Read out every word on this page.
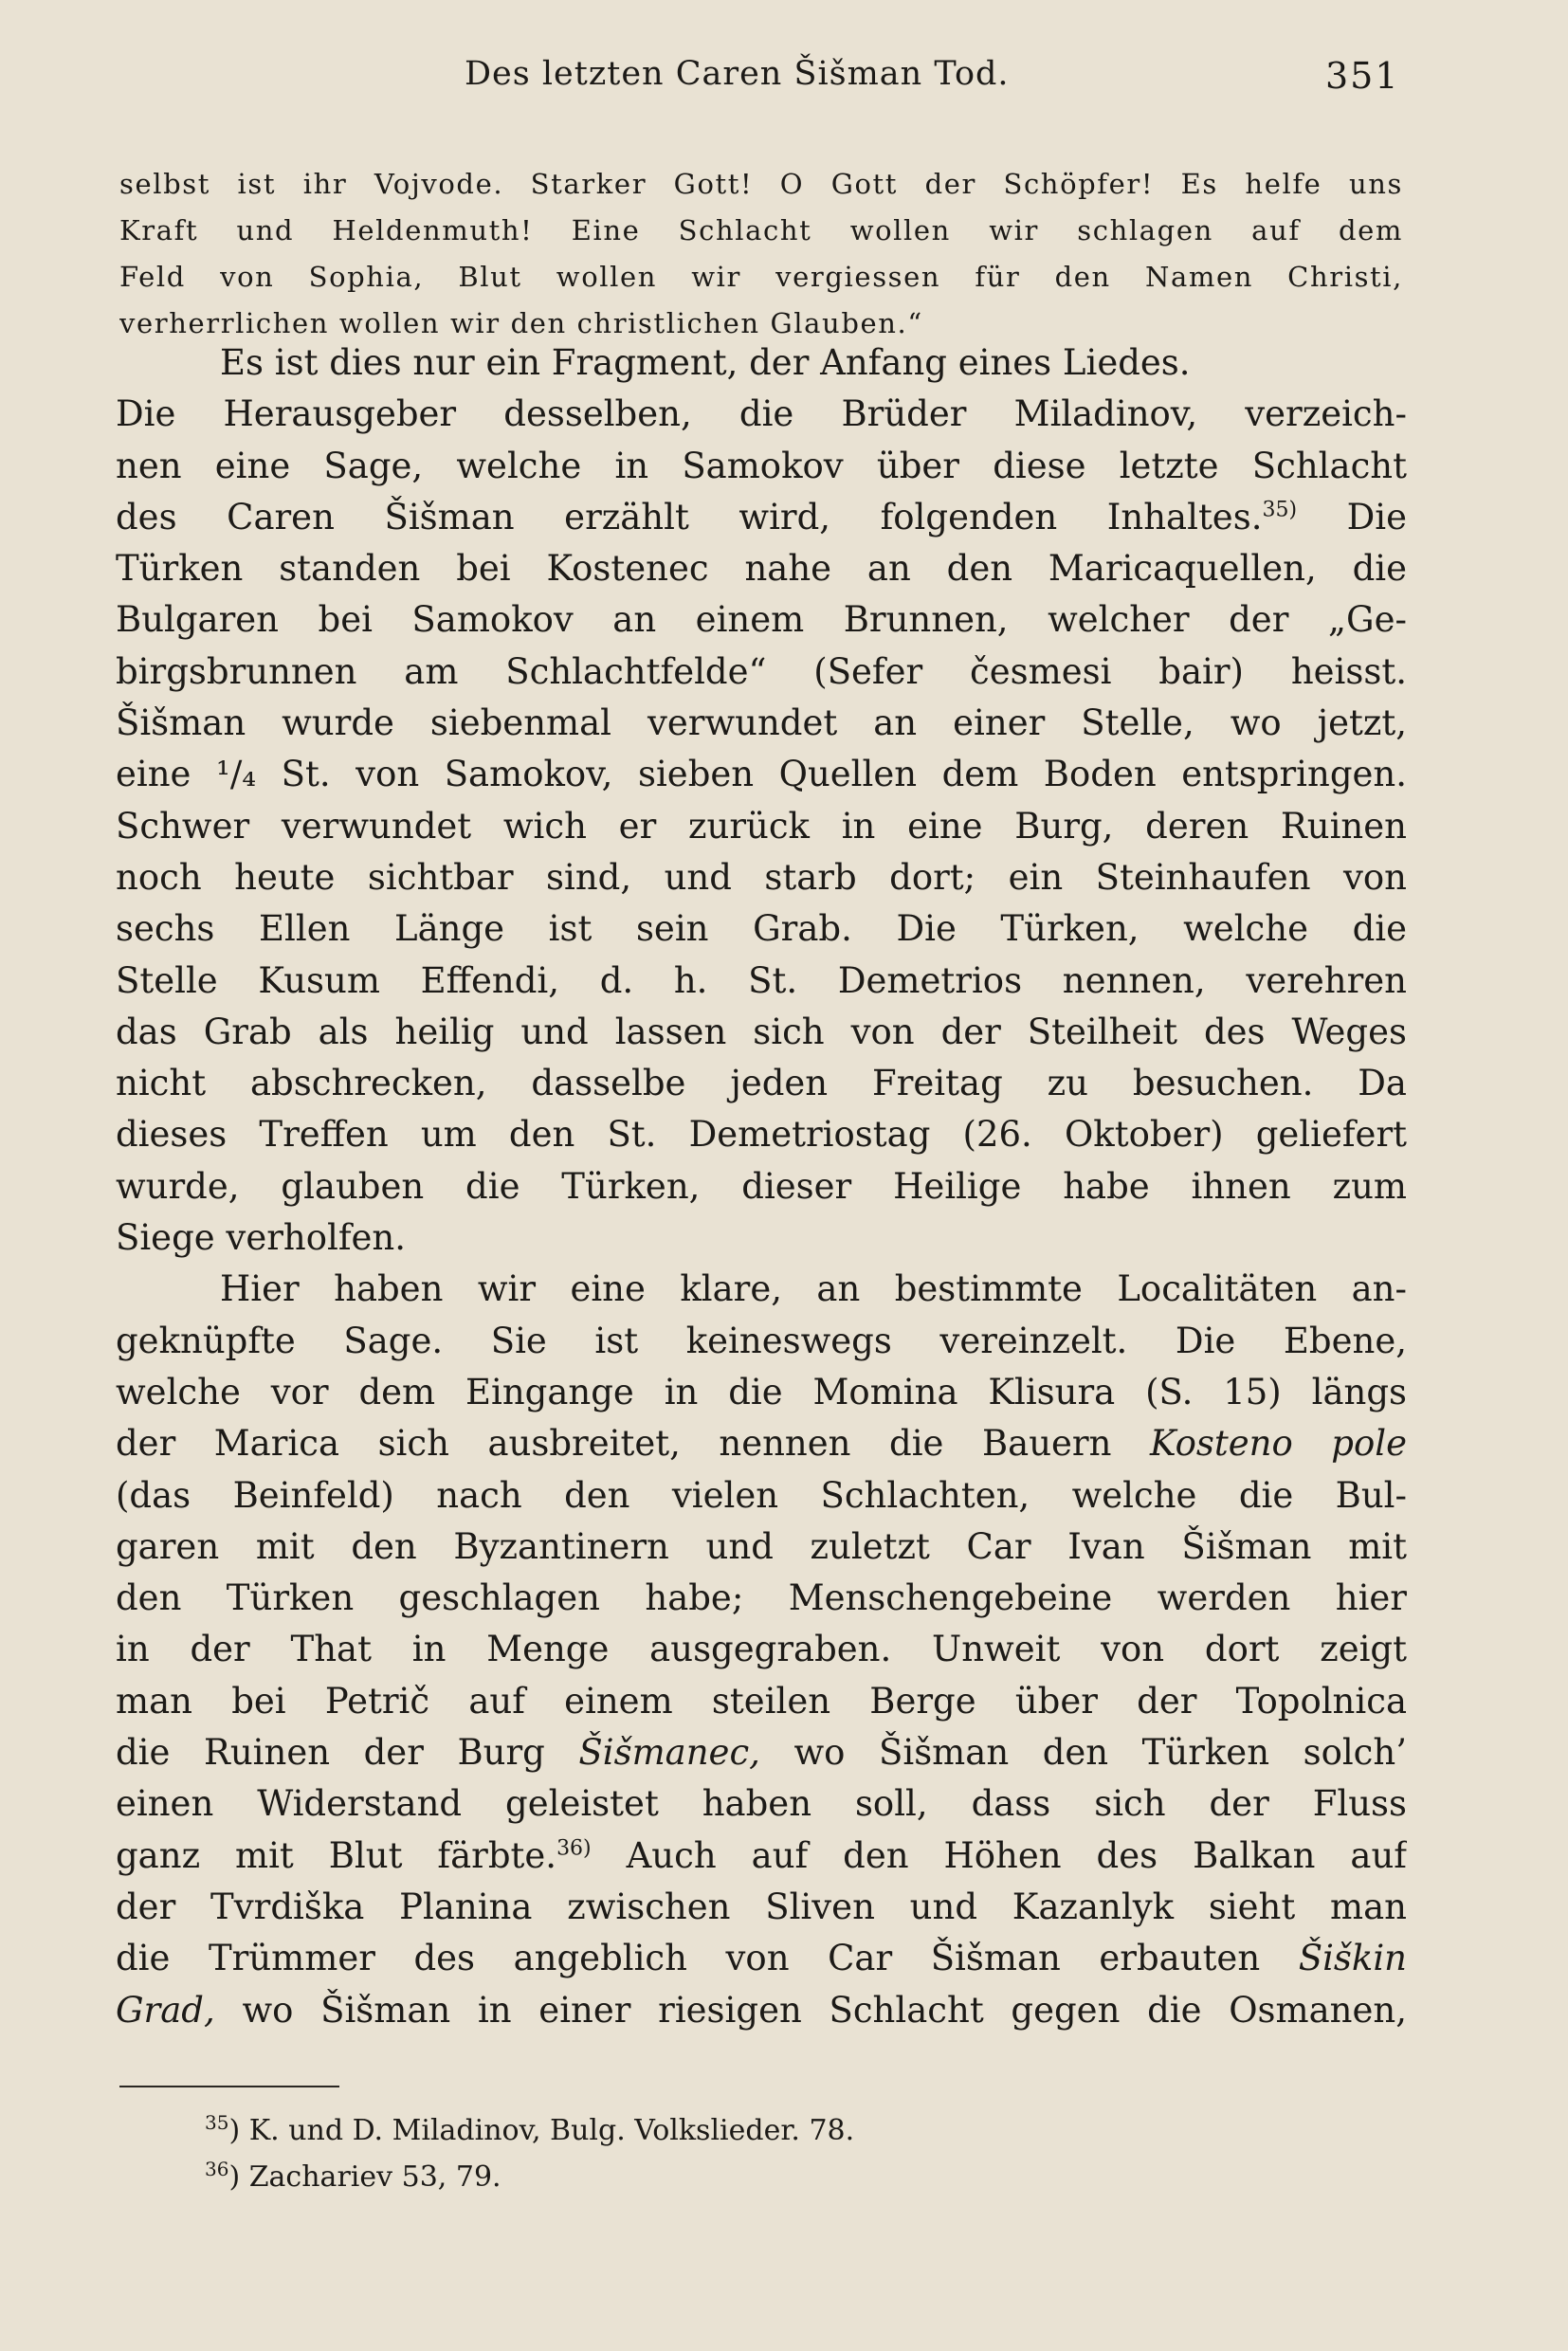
Des letzten Caren Šišman Tod.	351
selbst ist ihr Vojvode. Starker Gott! O Gott der Schöpfer! Es helfe uns
Kraft und Heldenmuth! Eine Schlacht wollen wir schlagen auf dem
Feld von Sophia, Blut wollen wir vergiessen für den Namen Christi,
verherrlichen wollen wir den christlichen Glauben.“
Es ist dies nur ein Fragment, der Anfang eines Liedes.
Die Herausgeber desselben, die Brüder Miladinov, verzeich-
nen eine Sage, welche in Samokov über diese letzte Schlacht
des Caren Šišman erzählt wird, folgenden Inhaltes.$^{35)}$ Die
Türken standen bei Kostenec nahe an den Maricaquellen, die
Bulgaren bei Samokov an einem Brunnen, welcher der „Ge-
birgsbrunnen am Schlachtfelde“ (Sefer česmesi bair) heisst.
Šišman wurde siebenmal verwundet an einer Stelle, wo jetzt,
eine ¹/₄ St. von Samokov, sieben Quellen dem Boden entspringen.
Schwer verwundet wich er zurück in eine Burg, deren Ruinen
noch heute sichtbar sind, und starb dort; ein Steinhaufen von
sechs Ellen Länge ist sein Grab. Die Türken, welche die
Stelle Kusum Effendi, d. h. St. Demetrios nennen, verehren
das Grab als heilig und lassen sich von der Steilheit des Weges
nicht abschrecken, dasselbe jeden Freitag zu besuchen. Da
dieses Treffen um den St. Demetriostag (26. Oktober) geliefert
wurde, glauben die Türken, dieser Heilige habe ihnen zum
Siege verholfen.
Hier haben wir eine klare, an bestimmte Localitäten an-
geknüpfte Sage. Sie ist keineswegs vereinzelt. Die Ebene,
welche vor dem Eingange in die Momina Klisura (S. 15) längs
der Marica sich ausbreitet, nennen die Bauern Kosteno pole
(das Beinfeld) nach den vielen Schlachten, welche die Bul-
garen mit den Byzantinern und zuletzt Car Ivan Šišman mit
den Türken geschlagen habe; Menschengebeine werden hier
in der That in Menge ausgegraben. Unweit von dort zeigt
man bei Petrič auf einem steilen Berge über der Topolnica
die Ruinen der Burg Šišmanec, wo Šišman den Türken solch’
einen Widerstand geleistet haben soll, dass sich der Fluss
ganz mit Blut färbte.$^{36)}$ Auch auf den Höhen des Balkan auf
der Tvrdiška Planina zwischen Sliven und Kazanlyk sieht man
die Trümmer des angeblich von Car Šišman erbauten Šiškin
Grad, wo Šišman in einer riesigen Schlacht gegen die Osmanen,
$^{35}$) K. und D. Miladinov, Bulg. Volkslieder. 78.
$^{36}$) Zachariev 53, 79.
